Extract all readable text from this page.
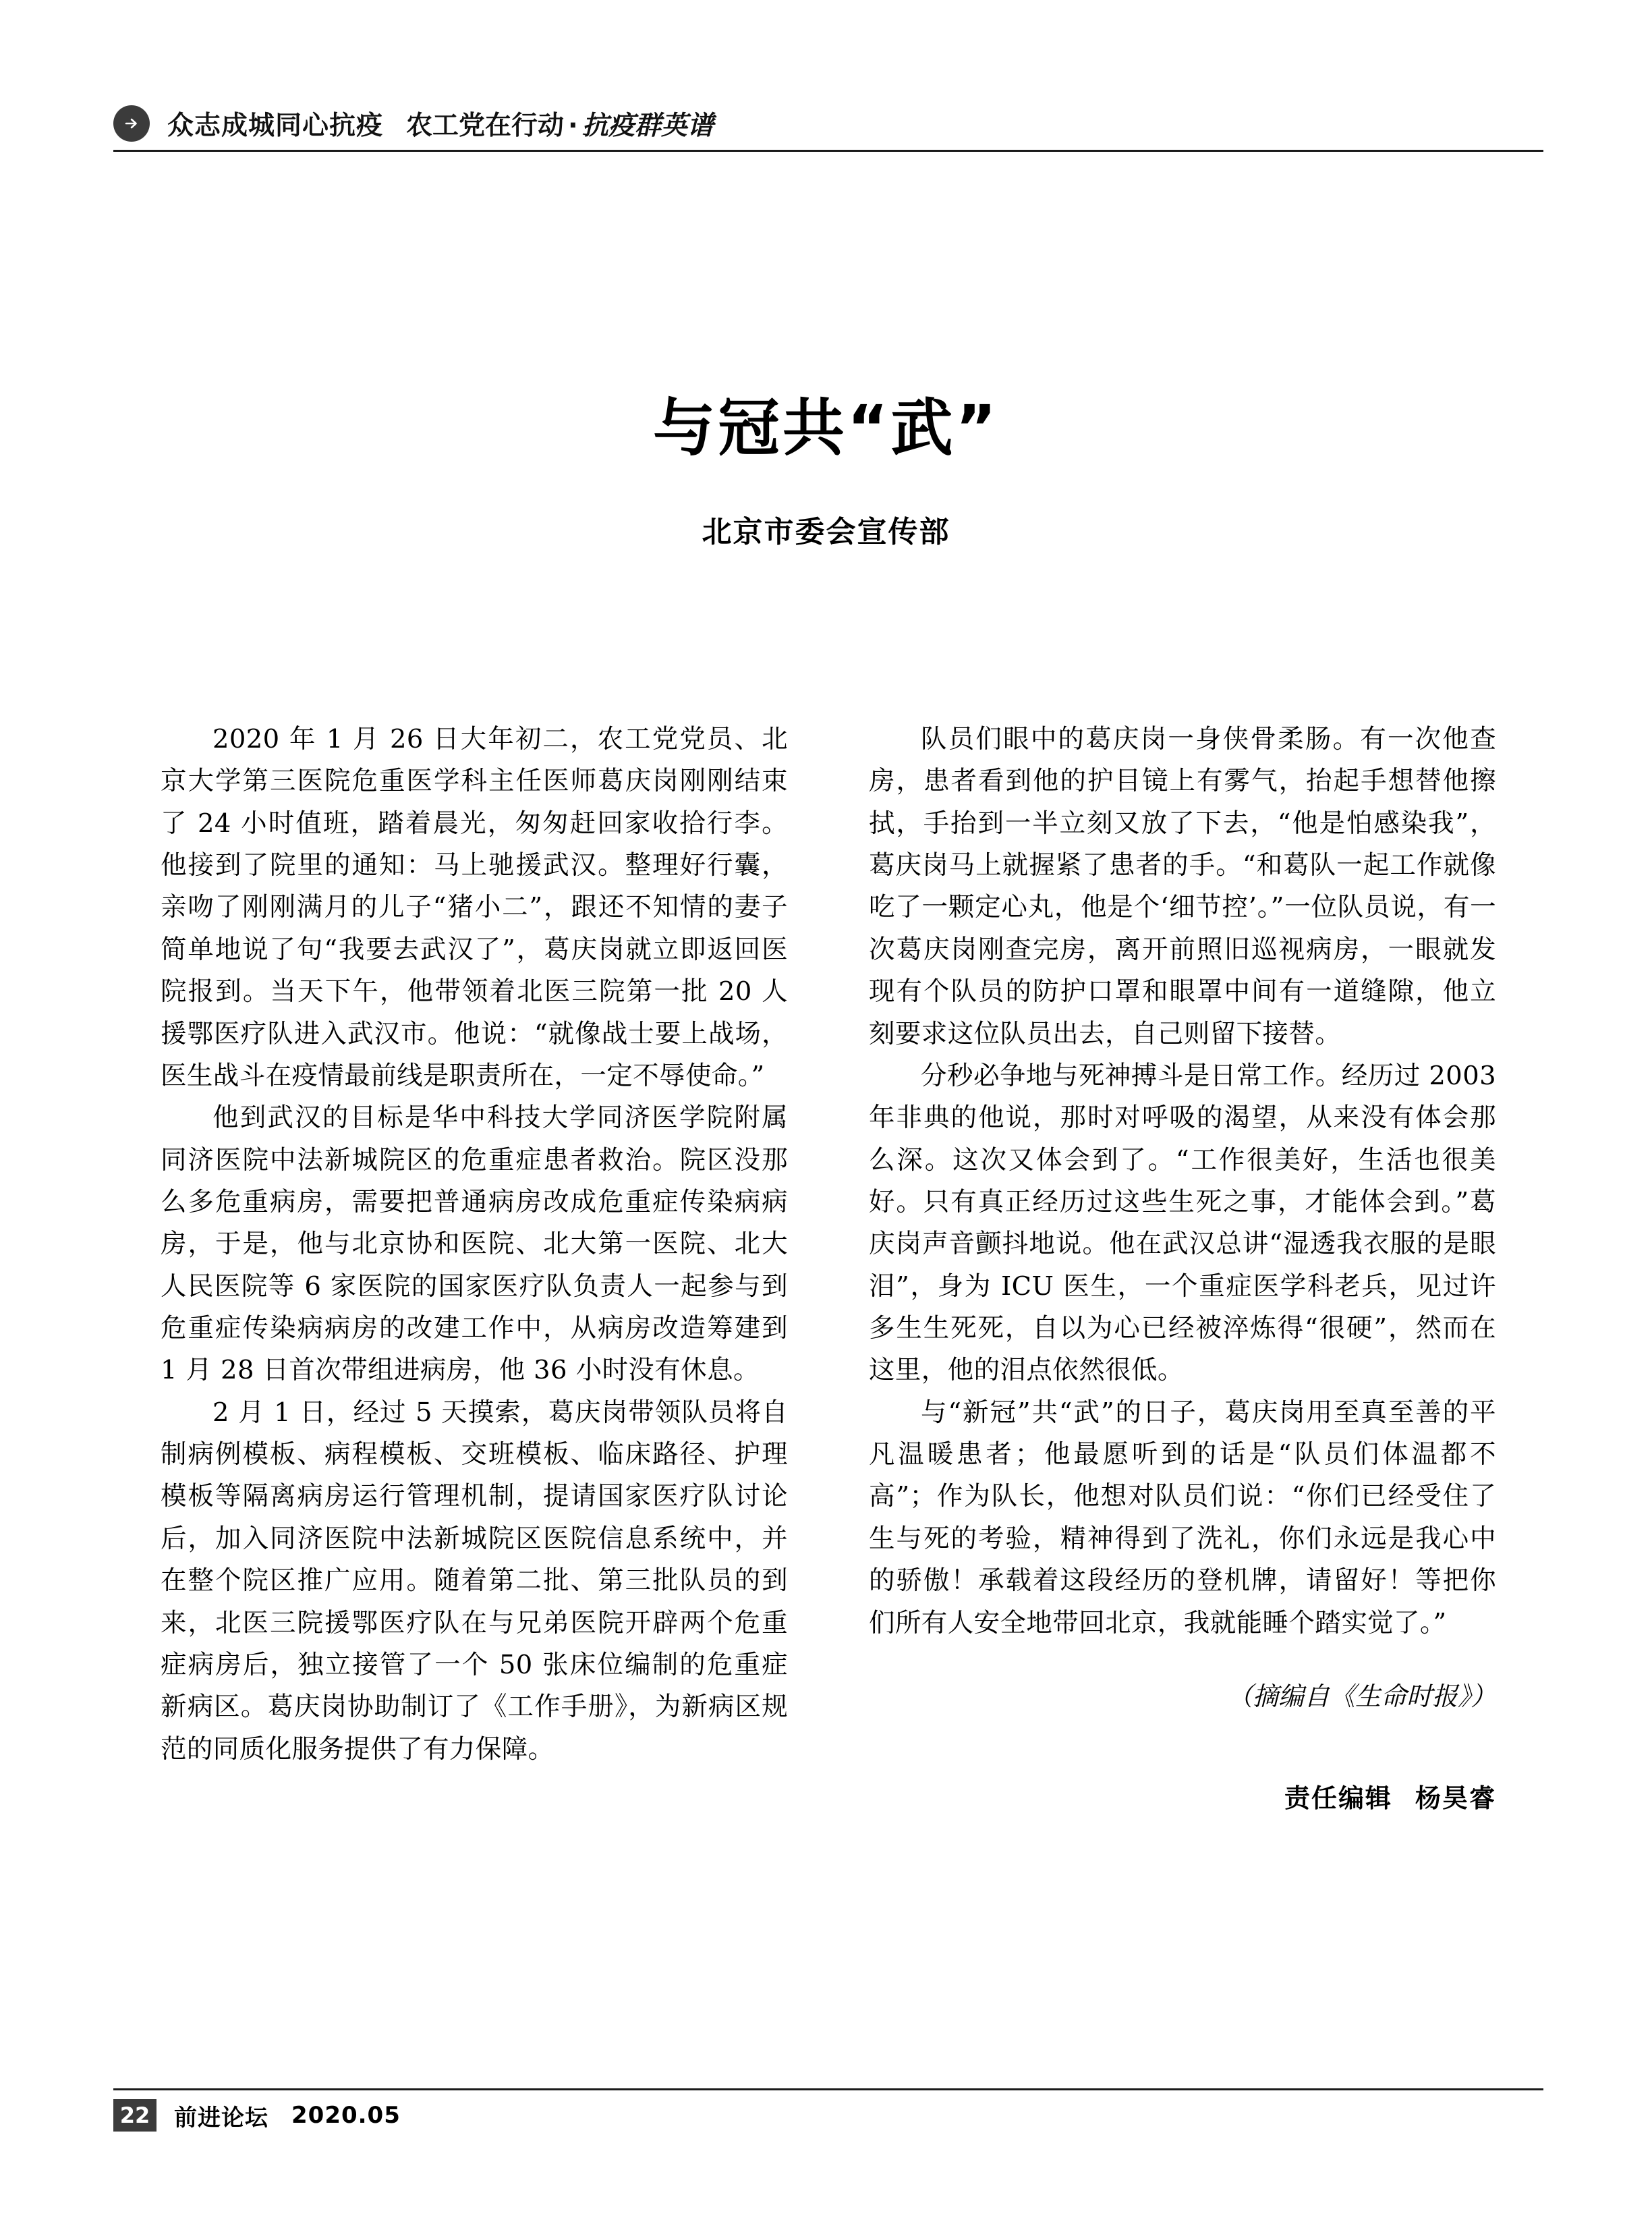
众志成城同心抗疫 农工党在行动 · 抗疫群英谱
与冠共“武”
北京市委会宣传部

2020 年 1 月 26 日大年初二，农工党党员、北京大学第三医院危重医学科主任医师葛庆岗刚刚结束了 24 小时值班，踏着晨光，匆匆赶回家收拾行李。他接到了院里的通知：马上驰援武汉。整理好行囊，亲吻了刚刚满月的儿子“猪小二”，跟还不知情的妻子简单地说了句“我要去武汉了”，葛庆岗就立即返回医院报到。当天下午，他带领着北医三院第一批 20 人援鄂医疗队进入武汉市。他说：“就像战士要上战场，医生战斗在疫情最前线是职责所在，一定不辱使命。”

他到武汉的目标是华中科技大学同济医学院附属同济医院中法新城院区的危重症患者救治。院区没那么多危重病房，需要把普通病房改成危重症传染病病房，于是，他与北京协和医院、北大第一医院、北大人民医院等 6 家医院的国家医疗队负责人一起参与到危重症传染病病房的改建工作中，从病房改造筹建到 1 月 28 日首次带组进病房，他 36 小时没有休息。

2 月 1 日，经过 5 天摸索，葛庆岗带领队员将自制病例模板、病程模板、交班模板、临床路径、护理模板等隔离病房运行管理机制，提请国家医疗队讨论后，加入同济医院中法新城院区医院信息系统中，并在整个院区推广应用。随着第二批、第三批队员的到来，北医三院援鄂医疗队在与兄弟医院开辟两个危重症病房后，独立接管了一个 50 张床位编制的危重症新病区。葛庆岗协助制订了《工作手册》，为新病区规范的同质化服务提供了有力保障。

队员们眼中的葛庆岗一身侠骨柔肠。有一次他查房，患者看到他的护目镜上有雾气，抬起手想替他擦拭，手抬到一半立刻又放了下去，“他是怕感染我”，葛庆岗马上就握紧了患者的手。“和葛队一起工作就像吃了一颗定心丸，他是个‘细节控’。”一位队员说，有一次葛庆岗刚查完房，离开前照旧巡视病房，一眼就发现有个队员的防护口罩和眼罩中间有一道缝隙，他立刻要求这位队员出去，自己则留下接替。

分秒必争地与死神搏斗是日常工作。经历过 2003 年非典的他说，那时对呼吸的渴望，从来没有体会那么深。这次又体会到了。“工作很美好，生活也很美好。只有真正经历过这些生死之事，才能体会到。”葛庆岗声音颤抖地说。他在武汉总讲“湿透我衣服的是眼泪”，身为 ICU 医生，一个重症医学科老兵，见过许多生生死死，自以为心已经被淬炼得“很硬”，然而在这里，他的泪点依然很低。

与“新冠”共“武”的日子，葛庆岗用至真至善的平凡温暖患者；他最愿听到的话是“队员们体温都不高”；作为队长，他想对队员们说：“你们已经受住了生与死的考验，精神得到了洗礼，你们永远是我心中的骄傲！承载着这段经历的登机牌，请留好！等把你们所有人安全地带回北京，我就能睡个踏实觉了。”

（摘编自《生命时报》）
责任编辑 杨昊睿
22 前进论坛 2020.05
